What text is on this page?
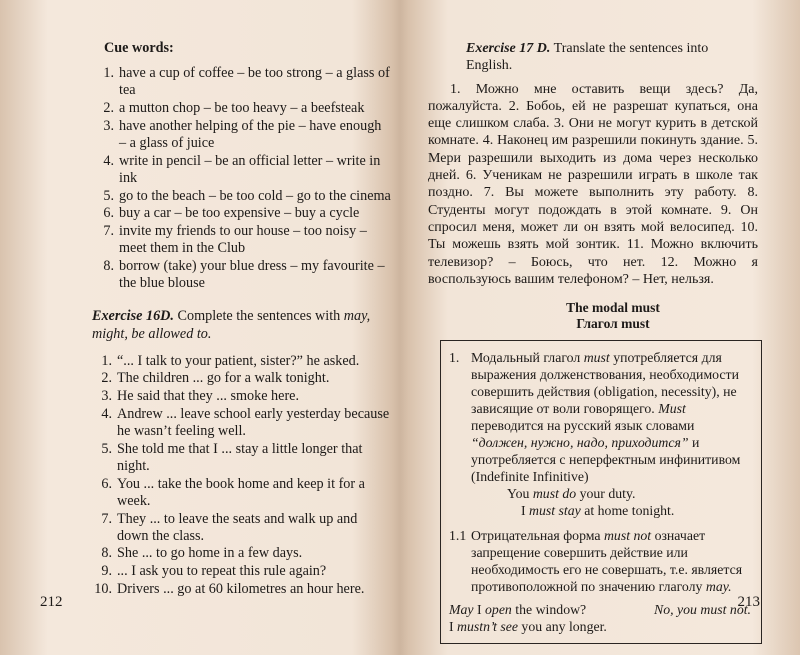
Cue words:
1. have a cup of coffee – be too strong – a glass of tea
2. a mutton chop – be too heavy – a beefsteak
3. have another helping of the pie – have enough – a glass of juice
4. write in pencil – be an official letter – write in ink
5. go to the beach – be too cold – go to the cinema
6. buy a car – be too expensive – buy a cycle
7. invite my friends to our house – too noisy – meet them in the Club
8. borrow (take) your blue dress – my favourite – the blue blouse
Exercise 16D. Complete the sentences with may, might, be allowed to.
1. “... I talk to your patient, sister?” he asked.
2. The children ... go for a walk tonight.
3. He said that they ... smoke here.
4. Andrew ... leave school early yesterday because he wasn’t feeling well.
5. She told me that I ... stay a little longer that night.
6. You ... take the book home and keep it for a week.
7. They ... to leave the seats and walk up and down the class.
8. She ... to go home in a few days.
9. ... I ask you to repeat this rule again?
10. Drivers ... go at 60 kilometres an hour here.
212
Exercise 17 D. Translate the sentences into English.
1. Можно мне оставить вещи здесь? Да, пожалуйста. 2. Бобоь, ей не разрешат купаться, она еще слишком слаба. 3. Они не могут курить в детской комнате. 4. Наконец им разрешили покинуть здание. 5. Мери разрешили выходить из дома через несколько дней. 6. Ученикам не разрешили играть в школе так поздно. 7. Вы можете выполнить эту работу. 8. Студенты могут подождать в этой комнате. 9. Он спросил меня, может ли он взять мой велосипед. 10. Ты можешь взять мой зонтик. 11. Можно включить телевизор? – Боюсь, что нет. 12. Можно я воспользуюсь вашим телефоном? – Нет, нельзя.
The modal must
Глагол must
1. Модальный глагол must употребляется для выражения долженствования, необходимости совершить действия (obligation, necessity), не зависящие от воли говорящего. Must переводится на русский язык словами “должен, нужно, надо, приходится” и употребляется с неперфектным инфинитивом (Indefinite Infinitive)
You must do your duty.
I must stay at home tonight.
1.1 Отрицательная форма must not означает запрещение совершить действие или необходимость его не совершать, т.е. является противоположной по значению глаголу may.
May I open the window?	No, you must not.
I mustn’t see you any longer.
213
